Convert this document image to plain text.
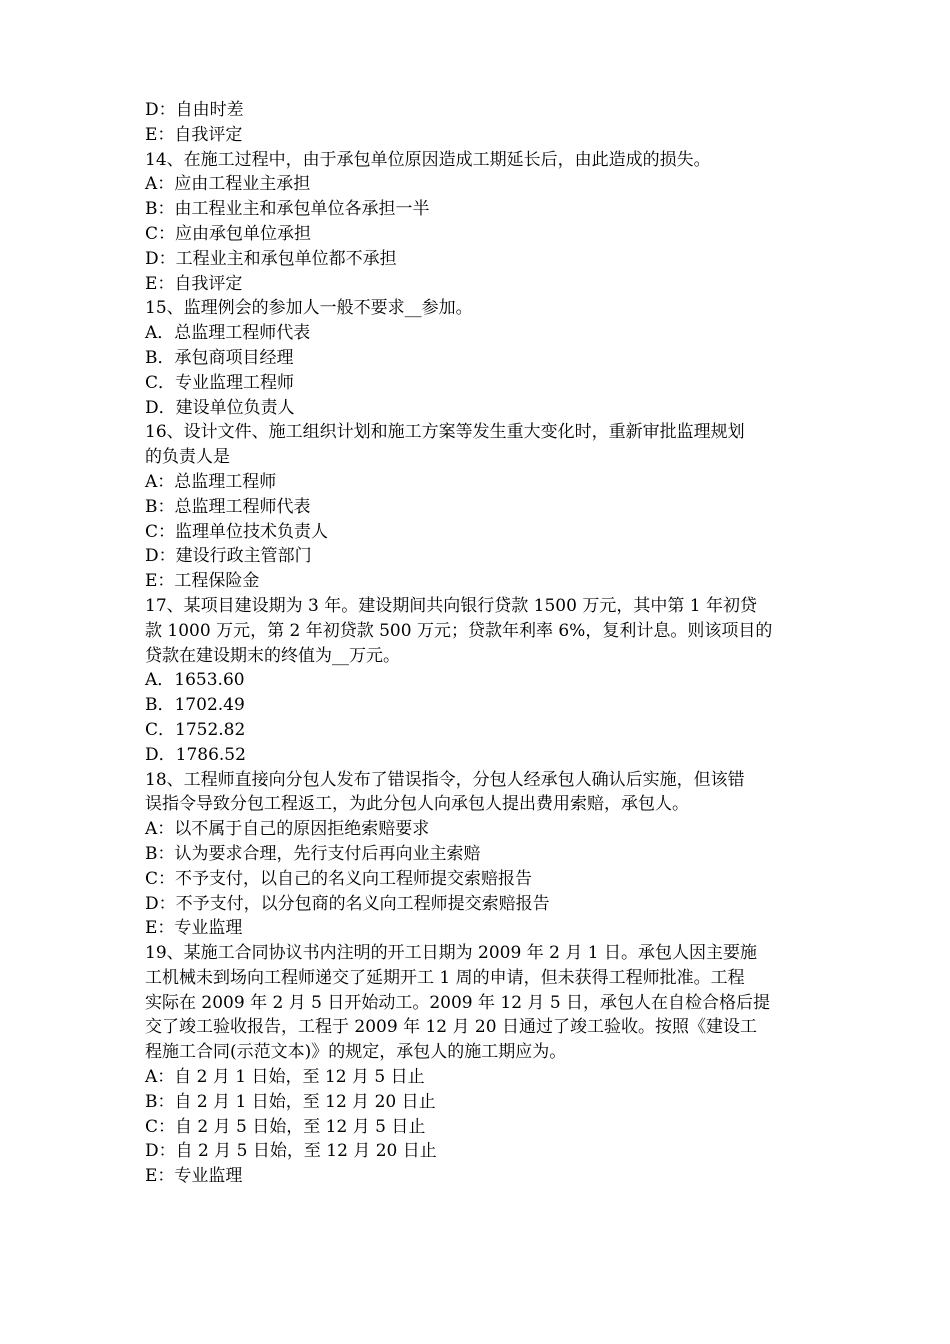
D：自由时差
E：自我评定
14、在施工过程中，由于承包单位原因造成工期延长后，由此造成的损失。
A：应由工程业主承担
B：由工程业主和承包单位各承担一半
C：应由承包单位承担
D：工程业主和承包单位都不承担
E：自我评定
15、监理例会的参加人一般不要求__参加。
A．总监理工程师代表
B．承包商项目经理
C．专业监理工程师
D．建设单位负责人
16、设计文件、施工组织计划和施工方案等发生重大变化时，重新审批监理规划
的负责人是
A：总监理工程师
B：总监理工程师代表
C：监理单位技术负责人
D：建设行政主管部门
E：工程保险金
17、某项目建设期为 3 年。建设期间共向银行贷款 1500 万元，其中第 1 年初贷
款 1000 万元，第 2 年初贷款 500 万元；贷款年利率 6%，复利计息。则该项目的
贷款在建设期末的终值为__万元。
A．1653.60
B．1702.49
C．1752.82
D．1786.52
18、工程师直接向分包人发布了错误指令，分包人经承包人确认后实施，但该错
误指令导致分包工程返工，为此分包人向承包人提出费用索赔，承包人。
A：以不属于自己的原因拒绝索赔要求
B：认为要求合理，先行支付后再向业主索赔
C：不予支付，以自己的名义向工程师提交索赔报告
D：不予支付，以分包商的名义向工程师提交索赔报告
E：专业监理
19、某施工合同协议书内注明的开工日期为 2009 年 2 月 1 日。承包人因主要施
工机械未到场向工程师递交了延期开工 1 周的申请，但未获得工程师批准。工程
实际在 2009 年 2 月 5 日开始动工。2009 年 12 月 5 日，承包人在自检合格后提
交了竣工验收报告，工程于 2009 年 12 月 20 日通过了竣工验收。按照《建设工
程施工合同(示范文本)》的规定，承包人的施工期应为。
A：自 2 月 1 日始，至 12 月 5 日止
B：自 2 月 1 日始，至 12 月 20 日止
C：自 2 月 5 日始，至 12 月 5 日止
D：自 2 月 5 日始，至 12 月 20 日止
E：专业监理
